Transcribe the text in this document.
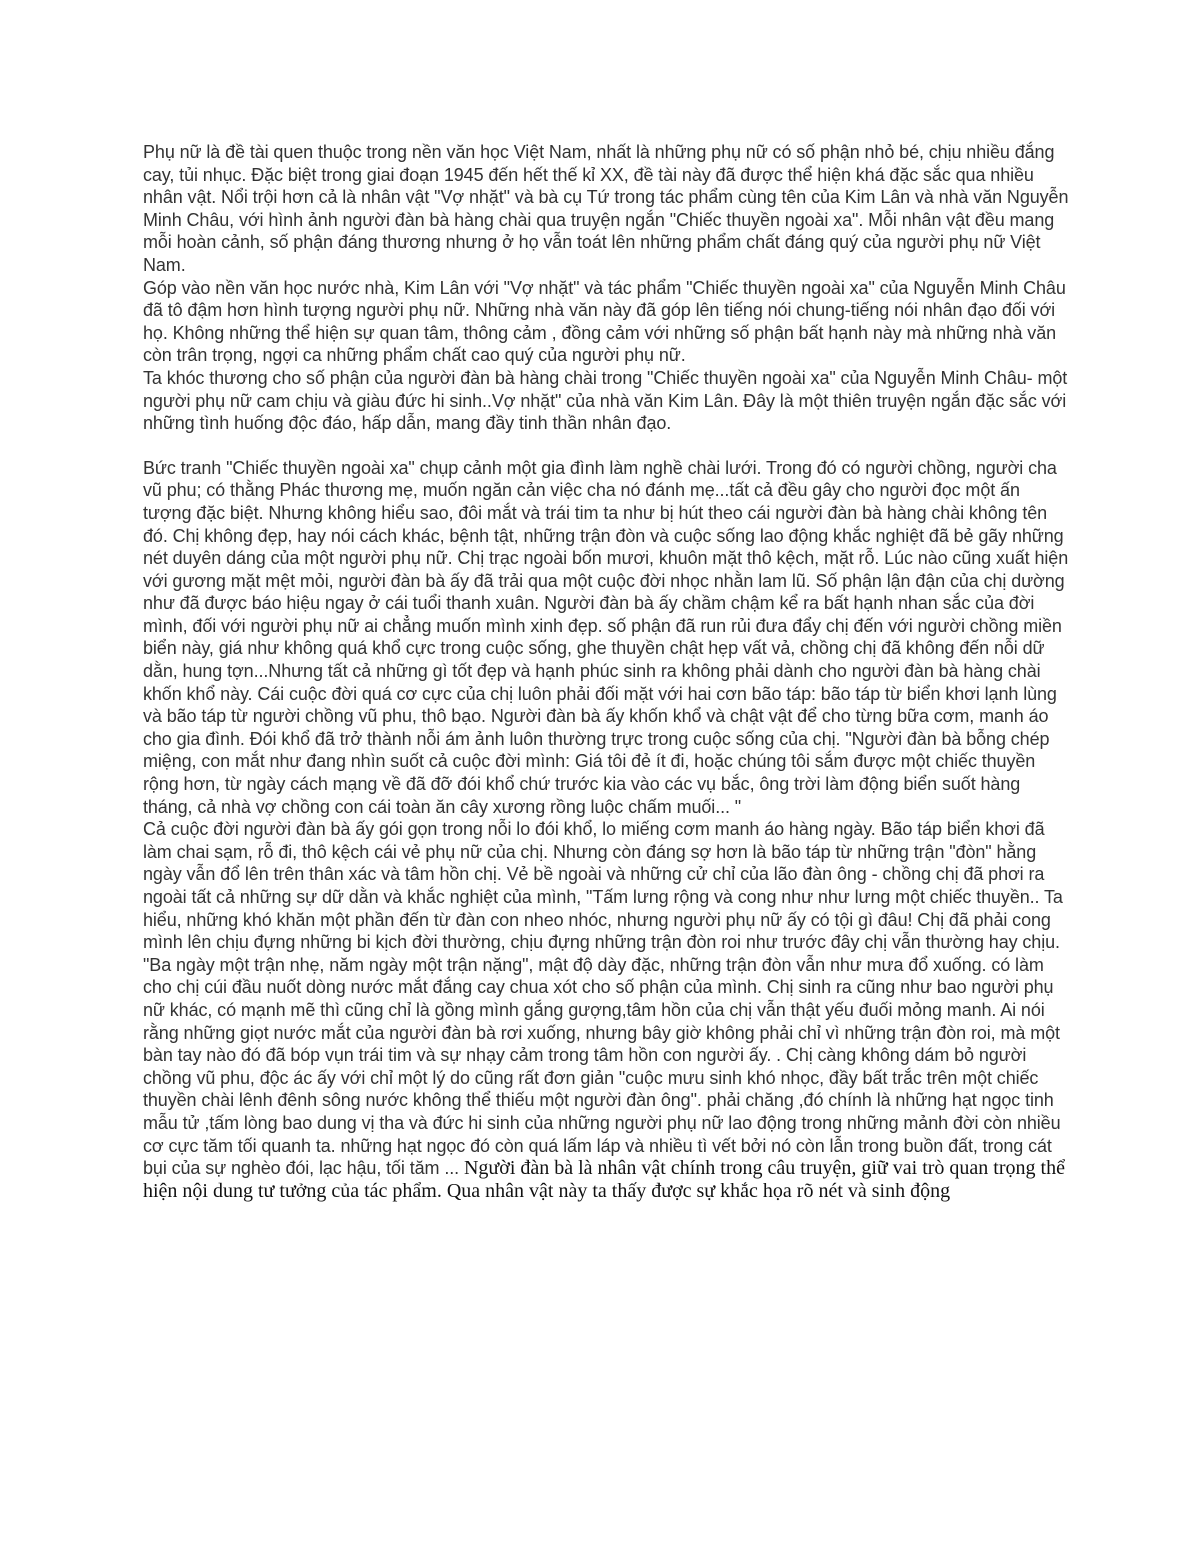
Phụ nữ là đề tài quen thuộc trong nền văn học Việt Nam, nhất là những phụ nữ có số phận nhỏ bé, chịu nhiều đắng cay, tủi nhục. Đặc biệt trong giai đoạn 1945 đến hết thế kỉ XX, đề tài này đã được thể hiện khá đặc sắc qua nhiều nhân vật. Nổi trội hơn cả là nhân vật "Vợ nhặt" và bà cụ Tứ trong tác phẩm cùng tên của Kim Lân và nhà văn Nguyễn Minh Châu, với hình ảnh người đàn bà hàng chài qua truyện ngắn "Chiếc thuyền ngoài xa". Mỗi nhân vật đều mang mỗi hoàn cảnh, số phận đáng thương nhưng ở họ vẫn toát lên những phẩm chất đáng quý của người phụ nữ Việt Nam.

Góp vào nền văn học nước nhà, Kim Lân với "Vợ nhặt" và tác phẩm "Chiếc thuyền ngoài xa" của Nguyễn Minh Châu đã tô đậm hơn hình tượng người phụ nữ. Những nhà văn này đã góp lên tiếng nói chung-tiếng nói nhân đạo đối với họ. Không những thể hiện sự quan tâm, thông cảm , đồng cảm với những số phận bất hạnh này mà những nhà văn còn trân trọng, ngợi ca những phẩm chất cao quý của người phụ nữ.

Ta khóc thương cho số phận của người đàn bà hàng chài trong "Chiếc thuyền ngoài xa" của Nguyễn Minh Châu- một người phụ nữ cam chịu và giàu đức hi sinh..Vợ nhặt" của nhà văn Kim Lân. Đây là một thiên truyện ngắn đặc sắc với những tình huống độc đáo, hấp dẫn, mang đầy tinh thần nhân đạo.

Bức tranh "Chiếc thuyền ngoài xa" chụp cảnh một gia đình làm nghề chài lưới. Trong đó có người chồng, người cha vũ phu; có thằng Phác thương mẹ, muốn ngăn cản việc cha nó đánh mẹ...tất cả đều gây cho người đọc một ấn tượng đặc biệt. Nhưng không hiểu sao, đôi mắt và trái tim ta như bị hút theo cái người đàn bà hàng chài không tên đó. Chị không đẹp, hay nói cách khác, bệnh tật, những trận đòn và cuộc sống lao động khắc nghiệt đã bẻ gãy những nét duyên dáng của một người phụ nữ. Chị trạc ngoài bốn mươi, khuôn mặt thô kệch, mặt rỗ. Lúc nào cũng xuất hiện với gương mặt mệt mỏi, người đàn bà ấy đã trải qua một cuộc đời nhọc nhằn lam lũ. Số phận lận đận của chị dường như đã được báo hiệu ngay ở cái tuổi thanh xuân. Người đàn bà ấy chầm chậm kể ra bất hạnh nhan sắc của đời mình, đối với người phụ nữ ai chẳng muốn mình xinh đẹp. số phận đã run rủi đưa đẩy chị đến với người chồng miền biển này, giá như không quá khổ cực trong cuộc sống, ghe thuyền chật hẹp vất vả, chồng chị đã không đến nỗi dữ dằn, hung tợn...Nhưng tất cả những gì tốt đẹp và hạnh phúc sinh ra không phải dành cho người đàn bà hàng chài khốn khổ này. Cái cuộc đời quá cơ cực của chị luôn phải đối mặt với hai cơn bão táp: bão táp từ biển khơi lạnh lùng và bão táp từ người chồng vũ phu, thô bạo. Người đàn bà ấy khốn khổ và chật vật để cho từng bữa cơm, manh áo cho gia đình. Đói khổ đã trở thành nỗi ám ảnh luôn thường trực trong cuộc sống của chị. "Người đàn bà bỗng chép miệng, con mắt như đang nhìn suốt cả cuộc đời mình: Giá tôi đẻ ít đi, hoặc chúng tôi sắm được một chiếc thuyền rộng hơn, từ ngày cách mạng về đã đỡ đói khổ chứ trước kia vào các vụ bắc, ông trời làm động biển suốt hàng tháng, cả nhà vợ chồng con cái toàn ăn cây xương rồng luộc chấm muối... "

Cả cuộc đời người đàn bà ấy gói gọn trong nỗi lo đói khổ, lo miếng cơm manh áo hàng ngày. Bão táp biển khơi đã làm chai sạm, rỗ đi, thô kệch cái vẻ phụ nữ của chị. Nhưng còn đáng sợ hơn là bão táp từ những trận "đòn" hằng ngày vẫn đổ lên trên thân xác và tâm hồn chị. Vẻ bề ngoài và những cử chỉ của lão đàn ông - chồng chị đã phơi ra ngoài tất cả những sự dữ dằn và khắc nghiệt của mình, "Tấm lưng rộng và cong như như lưng một chiếc thuyền.. Ta hiểu, những khó khăn một phần đến từ đàn con nheo nhóc, nhưng người phụ nữ ấy có tội gì đâu! Chị đã phải cong mình lên chịu đựng những bi kịch đời thường, chịu đựng những trận đòn roi như trước đây chị vẫn thường hay chịu. "Ba ngày một trận nhẹ, năm ngày một trận nặng", mật độ dày đặc, những trận đòn vẫn như mưa đổ xuống. có làm cho chị cúi đầu nuốt dòng nước mắt đắng cay chua xót cho số phận của mình. Chị sinh ra cũng như bao người phụ nữ khác, có mạnh mẽ thì cũng chỉ là gồng mình gắng gượng,tâm hồn của chị vẫn thật yếu đuối mỏng manh. Ai nói rằng những giọt nước mắt của người đàn bà rơi xuống, nhưng bây giờ không phải chỉ vì những trận đòn roi, mà một bàn tay nào đó đã bóp vụn trái tim và sự nhạy cảm trong tâm hồn con người ấy. . Chị càng không dám bỏ người chồng vũ phu, độc ác ấy với chỉ một lý do cũng rất đơn giản "cuộc mưu sinh khó nhọc, đầy bất trắc trên một chiếc thuyền chài lênh đênh sông nước không thể thiếu một người đàn ông". phải chăng ,đó chính là những hạt ngọc tinh mẫu tử ,tấm lòng bao dung vị tha và đức hi sinh của những người phụ nữ lao động trong những mảnh đời còn nhiều cơ cực tăm tối quanh ta. những hạt ngọc đó còn quá lấm láp và nhiều tì vết bởi nó còn lẫn trong buồn đất, trong cát bụi của sự nghèo đói, lạc hậu, tối tăm ... Người đàn bà là nhân vật chính trong câu truyện, giữ vai trò quan trọng thể hiện nội dung tư tưởng của tác phẩm. Qua nhân vật này ta thấy được sự khắc họa rõ nét và sinh động
